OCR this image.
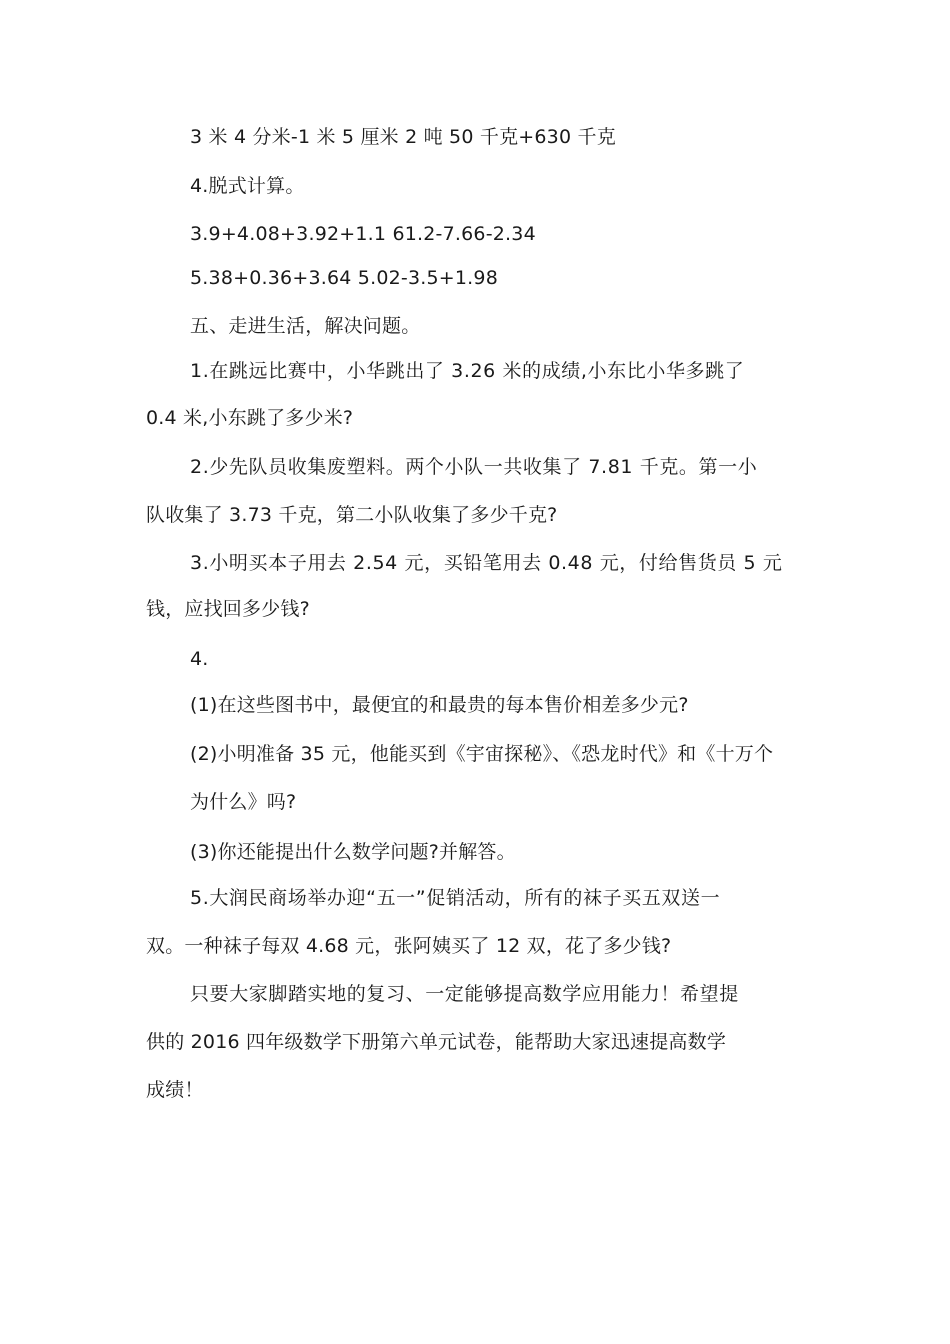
3 米 4 分米-1 米 5 厘米 2 吨 50 千克+630 千克
4.脱式计算。
3.9+4.08+3.92+1.1 61.2-7.66-2.34
5.38+0.36+3.64 5.02-3.5+1.98
五、走进生活，解决问题。
1.在跳远比赛中，小华跳出了 3.26 米的成绩,小东比小华多跳了
0.4 米,小东跳了多少米?
2.少先队员收集废塑料。两个小队一共收集了 7.81 千克。第一小
队收集了 3.73 千克，第二小队收集了多少千克?
3.小明买本子用去 2.54 元，买铅笔用去 0.48 元，付给售货员 5 元
钱，应找回多少钱?
4.
(1)在这些图书中，最便宜的和最贵的每本售价相差多少元?
(2)小明准备 35 元，他能买到《宇宙探秘》、《恐龙时代》和《十万个
为什么》吗?
(3)你还能提出什么数学问题?并解答。
5.大润民商场举办迎“五一”促销活动，所有的袜子买五双送一
双。一种袜子每双 4.68 元，张阿姨买了 12 双，花了多少钱?
只要大家脚踏实地的复习、一定能够提高数学应用能力！希望提
供的 2016 四年级数学下册第六单元试卷，能帮助大家迅速提高数学
成绩！
